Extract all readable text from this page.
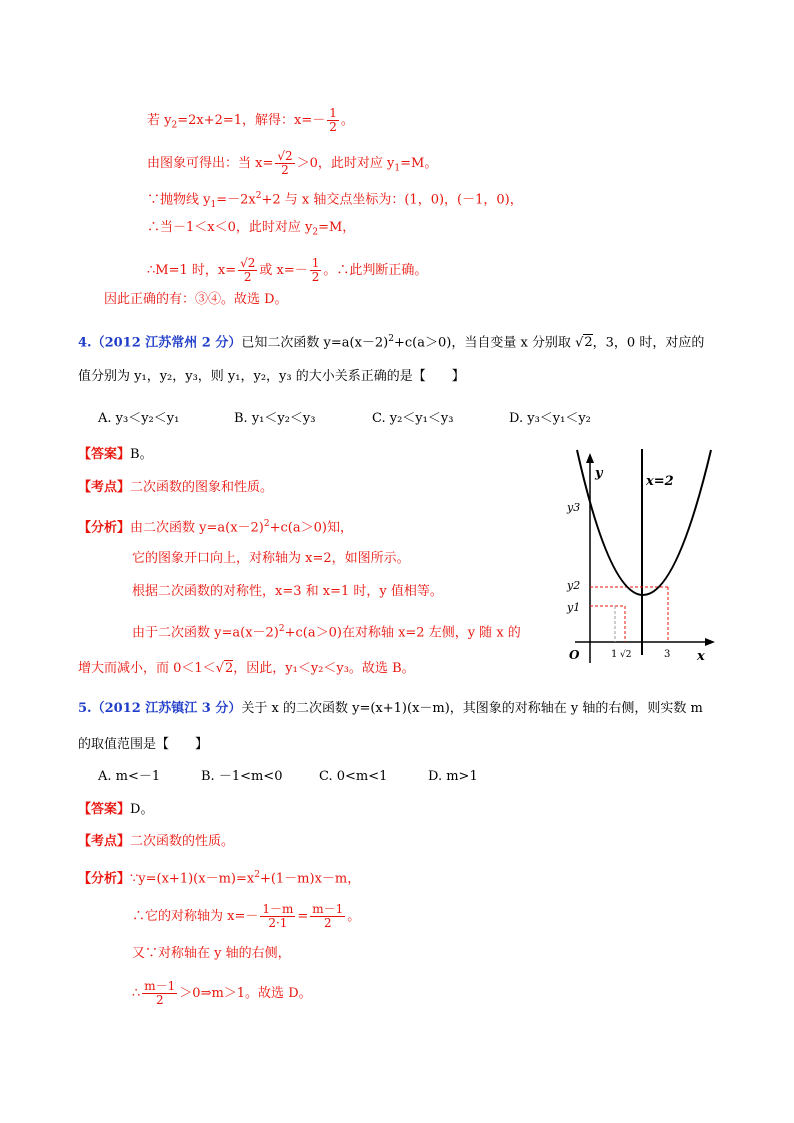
若 $y_2=2x+2=1$，解得：$x=- \frac{1}{2}$ 。
由图象可得出：当 $x= \frac{√2}{2} >0$，此时对应 $y_1=M$。
∵抛物线 $y_1=-2x^2+2$ 与 x 轴交点坐标为：(1，0)，(－1，0)，
∴当－1＜x＜0，此时对应 $y_2=M$，
∴M=1 时，$x= \frac{√2}{2}$ 或 $x=- \frac{1}{2}$ 。∴此判断正确。
因此正确的有：③④。故选 D。
4.（2012 江苏常州 2 分）已知二次函数 $y=a(x-2)^2+c(a>0)$，当自变量 x 分别取 √2，3，0 时，对应的
值分别为 y₁，y₂，y₃，则 y₁，y₂，y₃ 的大小关系正确的是【　　】
A. y₃＜y₂＜y₁	B. y₁＜y₂＜y₃	C. y₂＜y₁＜y₃	D. y₃＜y₁＜y₂
【答案】B。
【考点】二次函数的图象和性质。
【分析】由二次函数 $y=a(x-2)^2+c(a>0)$知，
它的图象开口向上，对称轴为 x=2，如图所示。
根据二次函数的对称性，x=3 和 x=1 时，y 值相等。
由于二次函数 $y=a(x-2)^2+c(a>0)$在对称轴 x=2 左侧，y 随 x 的
增大而减小，而 0＜1＜√2，因此，y₁＜y₂＜y₃。故选 B。
y
x
O
x=2
y3
y2
y1
1 √2	3
5.（2012 江苏镇江 3 分）关于 x 的二次函数 y=(x+1)(x－m)，其图象的对称轴在 y 轴的右侧，则实数 m
的取值范围是【　　】
A. m<－1	B. －1<m<0	C. 0<m<1	D. m>1
【答案】D。
【考点】二次函数的性质。
【分析】$\because y=(x+1)(x-m)=x^2+(1-m)x-m$，
∴它的对称轴为 $x=- \frac{1-m}{2\cdot 1} = \frac{m-1}{2}$ 。
又∵对称轴在 y 轴的右侧，
∴ $\frac{m-1}{2}$ ＞0⇒m＞1。故选 D。
